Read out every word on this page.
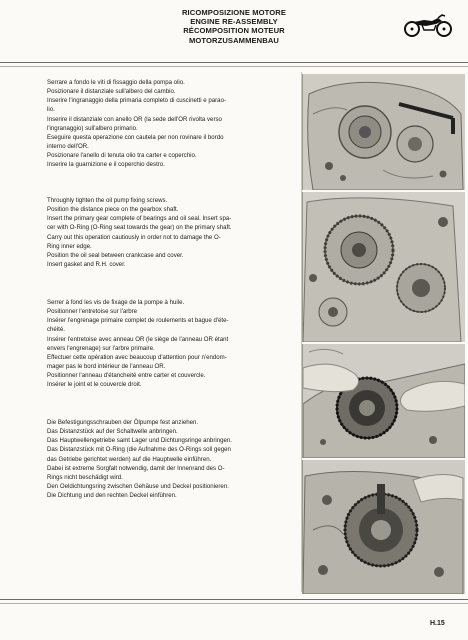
RICOMPOSIZIONE MOTORE
ENGINE RE-ASSEMBLY
RÉCOMPOSITION MOTEUR
MOTORZUSAMMENBAU

Serrare a fondo le viti di fissaggio della pompa olio.

Posizionare il distanziale sull'albero del cambio.

Inserire l'ingranaggio della primaria completo di cuscinetti e parao-

lio.

Inserire il distanziale con anello OR (la sede dell'OR rivolta verso

l'ingranaggio) sull'albero primario.

Eseguire questa operazione con cautela per non rovinare il bordo

interno dell'OR.

Posizionare l'anello di tenuta olio tra carter e coperchio.

Inserire la guarnizione e il coperchio destro.

Throughly tighten the oil pump fixing screws.

Position the distance piece on the gearbox shaft.

Insert the primary gear complete of bearings and oil seal. Insert spa-

cer with O-Ring (O-Ring seat towards the gear) on the primary shaft.

Carry out this operation cautiously in order not to damage the O-

Ring inner edge.

Position the oil seal between crankcase and cover.

Insert gasket and R.H. cover.

Serrer à fond les vis de fixage de la pompe à huile.

Positionner l'entretoise sur l'arbre

Insérer l'engrenage primaire complet de roulements et bague d'éte-

chéité.

Insérer l'entretoise avec anneau OR (le siège de l'anneau OR étant

envers l'engrenage) sur l'arbre primaire.

Effectuer cette opération avec beaucoup d'attention pour n'endom-

mager pas le bord intérieur de l'anneau OR.

Positionner l'anneau d'étancheité entre carter et couvercle.

Insérer le joint et le couvercle droit.

Die Befestigungsschrauben der Ölpumpe fest anziehen.

Das Distanzstück auf der Schaltwelle anbringen.

Das Hauptwellengetriebe samt Lager und Dichtungsringe anbringen.

Das Distanzstück mit O-Ring (die Aufnahme des O-Rings soll gegen

das Getriebe gerichtet werden) auf die Hauptwelle einführen.

Dabei ist extreme Sorgfalt notwendig, damit der Innenrand des O-

Rings nicht beschädigt wird.

Den Oeldichtungsring zwischen Gehäuse und Deckel positionieren.

Die Dichtung und den rechten Deckel einführen.

H.15
